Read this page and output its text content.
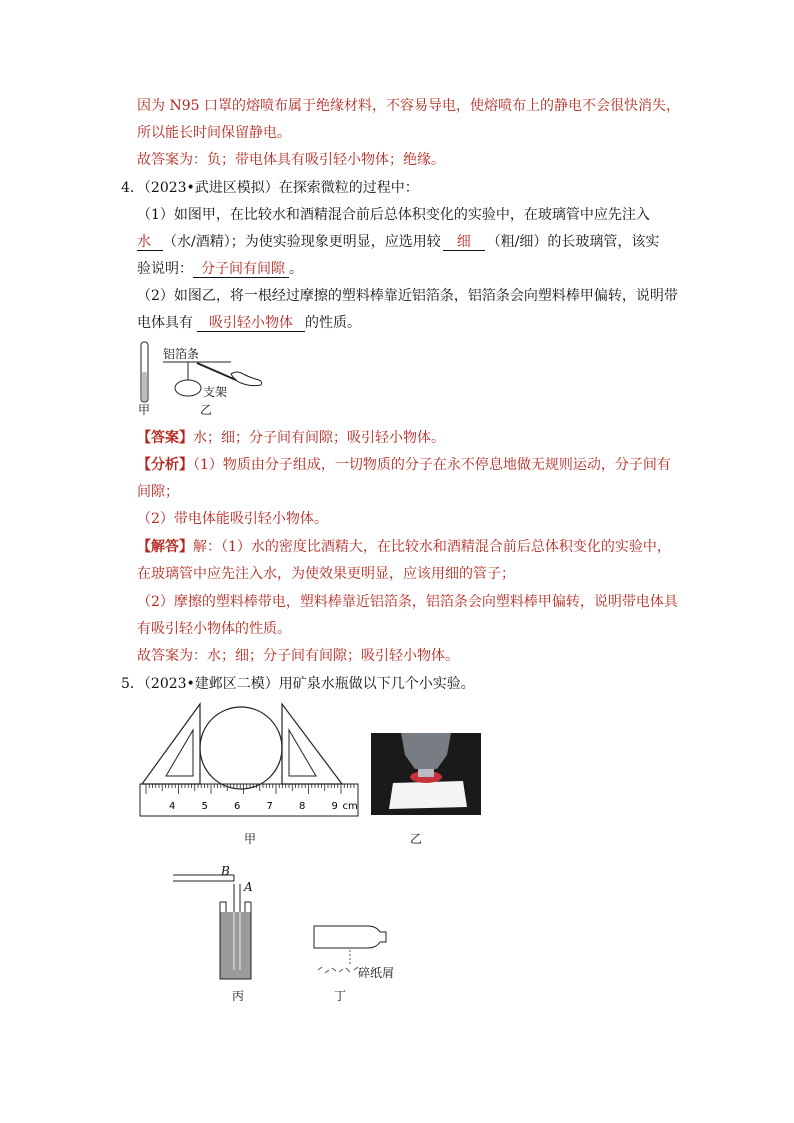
因为 N95 口罩的熔喷布属于绝缘材料，不容易导电，使熔喷布上的静电不会很快消失，
所以能长时间保留静电。
故答案为：负；带电体具有吸引轻小物体；绝缘。
4．（2023•武进区模拟）在探索微粒的过程中：
（1）如图甲，在比较水和酒精混合前后总体积变化的实验中，在玻璃管中应先注入
水 （水/酒精）；为使实验现象更明显，应选用较 细 （粗/细）的长玻璃管，该实
验说明： 分子间有间隙 。
（2）如图乙，将一根经过摩擦的塑料棒靠近铝箔条，铝箔条会向塑料棒甲偏转，说明带
电体具有 吸引轻小物体 的性质。
铝箔条
支架
甲	乙
【答案】水；细；分子间有间隙；吸引轻小物体。
【分析】（1）物质由分子组成，一切物质的分子在永不停息地做无规则运动，分子间有
间隙；
（2）带电体能吸引轻小物体。
【解答】解：（1）水的密度比酒精大，在比较水和酒精混合前后总体积变化的实验中，
在玻璃管中应先注入水，为使效果更明显，应该用细的管子；
（2）摩擦的塑料棒带电，塑料棒靠近铝箔条，铝箔条会向塑料棒甲偏转，说明带电体具
有吸引轻小物体的性质。
故答案为：水；细；分子间有间隙；吸引轻小物体。
5．（2023•建邺区二模）用矿泉水瓶做以下几个小实验。
4	5	6	7	8	9 cm
甲	乙
B
A
丙
碎纸屑
丁
